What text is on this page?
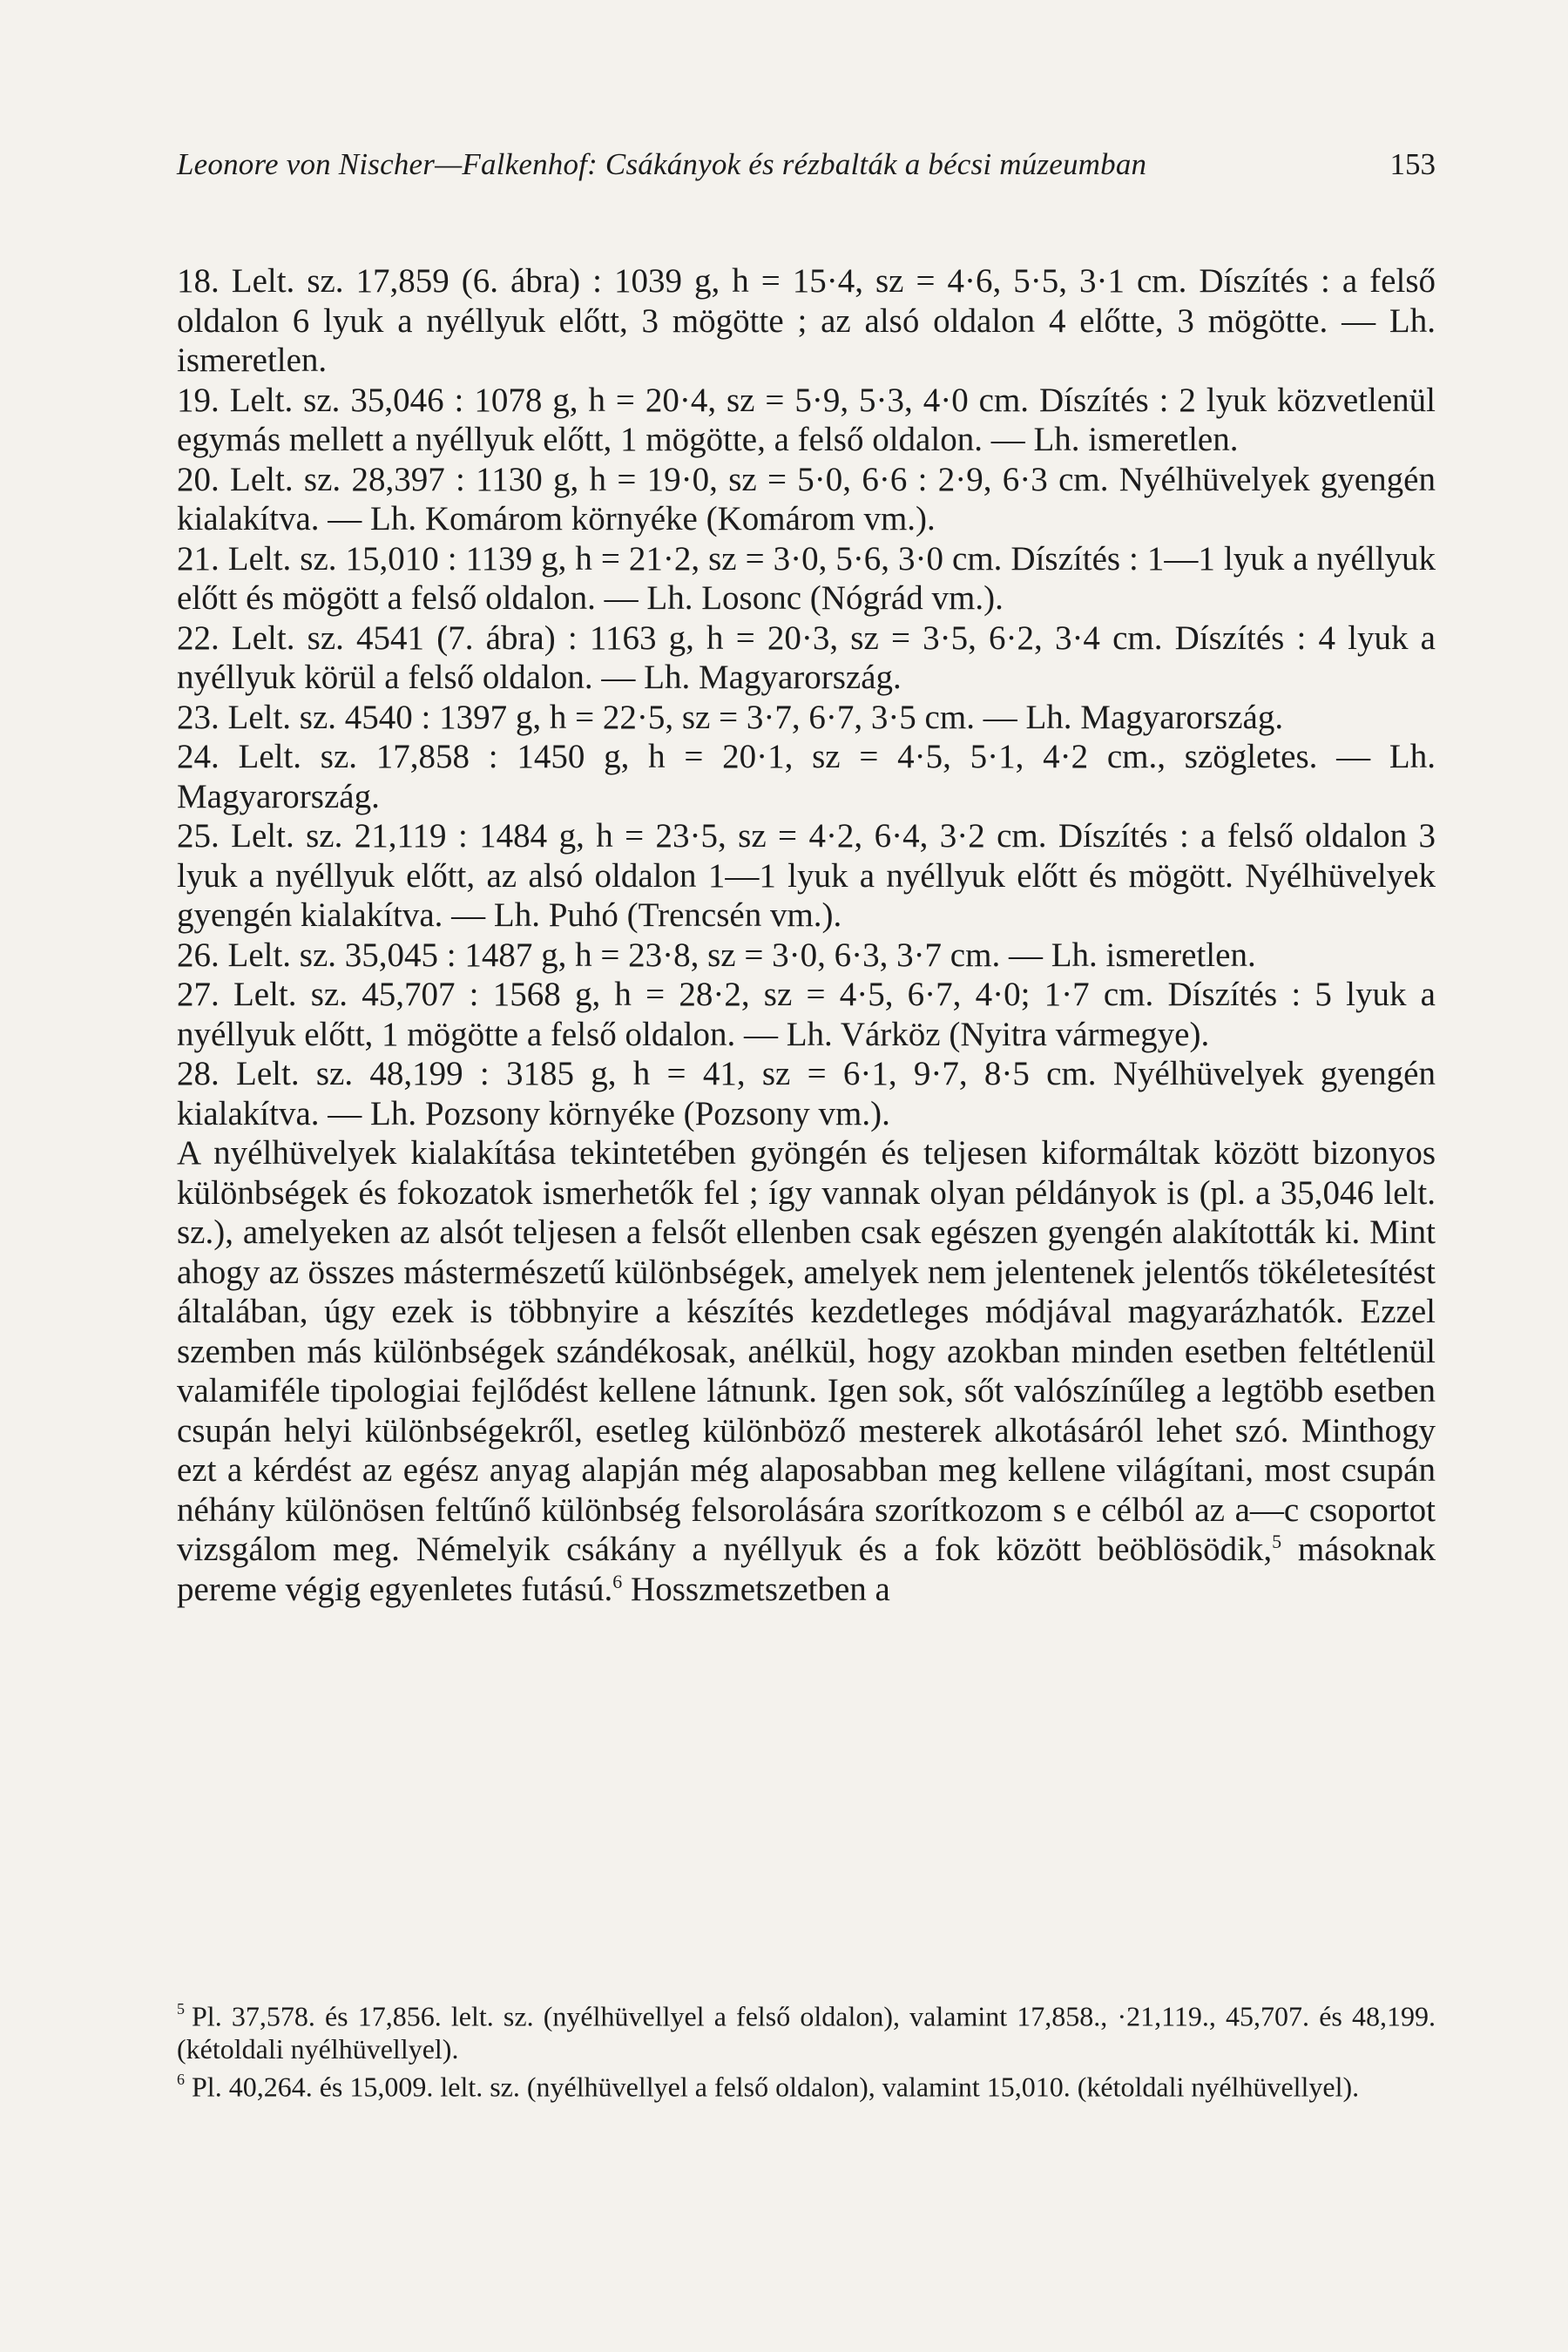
Leonore von Nischer—Falkenhof: Csákányok és rézbalták a bécsi múzeumban	153

18. Lelt. sz. 17,859 (6. ábra) : 1039 g, h = 15·4, sz = 4·6, 5·5, 3·1 cm. Díszítés : a felső oldalon 6 lyuk a nyéllyuk előtt, 3 mögötte ; az alsó oldalon 4 előtte, 3 mögötte. — Lh. ismeretlen.

19. Lelt. sz. 35,046 : 1078 g, h = 20·4, sz = 5·9, 5·3, 4·0 cm. Díszítés : 2 lyuk közvetlenül egymás mellett a nyéllyuk előtt, 1 mögötte, a felső oldalon. — Lh. ismeretlen.

20. Lelt. sz. 28,397 : 1130 g, h = 19·0, sz = 5·0, 6·6 : 2·9, 6·3 cm. Nyélhüvelyek gyengén kialakítva. — Lh. Komárom környéke (Komárom vm.).

21. Lelt. sz. 15,010 : 1139 g, h = 21·2, sz = 3·0, 5·6, 3·0 cm. Díszítés : 1—1 lyuk a nyéllyuk előtt és mögött a felső oldalon. — Lh. Losonc (Nógrád vm.).

22. Lelt. sz. 4541 (7. ábra) : 1163 g, h = 20·3, sz = 3·5, 6·2, 3·4 cm. Díszítés : 4 lyuk a nyéllyuk körül a felső oldalon. — Lh. Magyarország.

23. Lelt. sz. 4540 : 1397 g, h = 22·5, sz = 3·7, 6·7, 3·5 cm. — Lh. Magyarország.

24. Lelt. sz. 17,858 : 1450 g, h = 20·1, sz = 4·5, 5·1, 4·2 cm., szögletes. — Lh. Magyarország.

25. Lelt. sz. 21,119 : 1484 g, h = 23·5, sz = 4·2, 6·4, 3·2 cm. Díszítés : a felső oldalon 3 lyuk a nyéllyuk előtt, az alsó oldalon 1—1 lyuk a nyéllyuk előtt és mögött. Nyélhüvelyek gyengén kialakítva. — Lh. Puhó (Trencsén vm.).

26. Lelt. sz. 35,045 : 1487 g, h = 23·8, sz = 3·0, 6·3, 3·7 cm. — Lh. ismeretlen.

27. Lelt. sz. 45,707 : 1568 g, h = 28·2, sz = 4·5, 6·7, 4·0; 1·7 cm. Díszítés : 5 lyuk a nyéllyuk előtt, 1 mögötte a felső oldalon. — Lh. Várköz (Nyitra vármegye).

28. Lelt. sz. 48,199 : 3185 g, h = 41, sz = 6·1, 9·7, 8·5 cm. Nyélhüvelyek gyengén kialakítva. — Lh. Pozsony környéke (Pozsony vm.).

A nyélhüvelyek kialakítása tekintetében gyöngén és teljesen kiformáltak között bizonyos különbségek és fokozatok ismerhetők fel ; így vannak olyan példányok is (pl. a 35,046 lelt. sz.), amelyeken az alsót teljesen a felsőt ellenben csak egészen gyengén alakították ki. Mint ahogy az összes mástermészetű különbségek, amelyek nem jelentenek jelentős tökéletesítést általában, úgy ezek is többnyire a készítés kezdetleges módjával magyarázhatók. Ezzel szemben más különbségek szándékosak, anélkül, hogy azokban minden esetben feltétlenül valamiféle tipologiai fejlődést kellene látnunk. Igen sok, sőt valószínűleg a legtöbb esetben csupán helyi különbségekről, esetleg különböző mesterek alkotásáról lehet szó. Minthogy ezt a kérdést az egész anyag alapján még alaposabban meg kellene világítani, most csupán néhány különösen feltűnő különbség felsorolására szorítkozom s e célból az a—c csoportot vizsgálom meg. Némelyik csákány a nyéllyuk és a fok között beöblösödik,$^5$ másoknak pereme végig egyenletes futású.$^6$ Hosszmetszetben a

$^5$ Pl. 37,578. és 17,856. lelt. sz. (nyélhüvellyel a felső oldalon), valamint 17,858., ·21,119., 45,707. és 48,199. (kétoldali nyélhüvellyel).

$^6$ Pl. 40,264. és 15,009. lelt. sz. (nyélhüvellyel a felső oldalon), valamint 15,010. (kétoldali nyélhüvellyel).
